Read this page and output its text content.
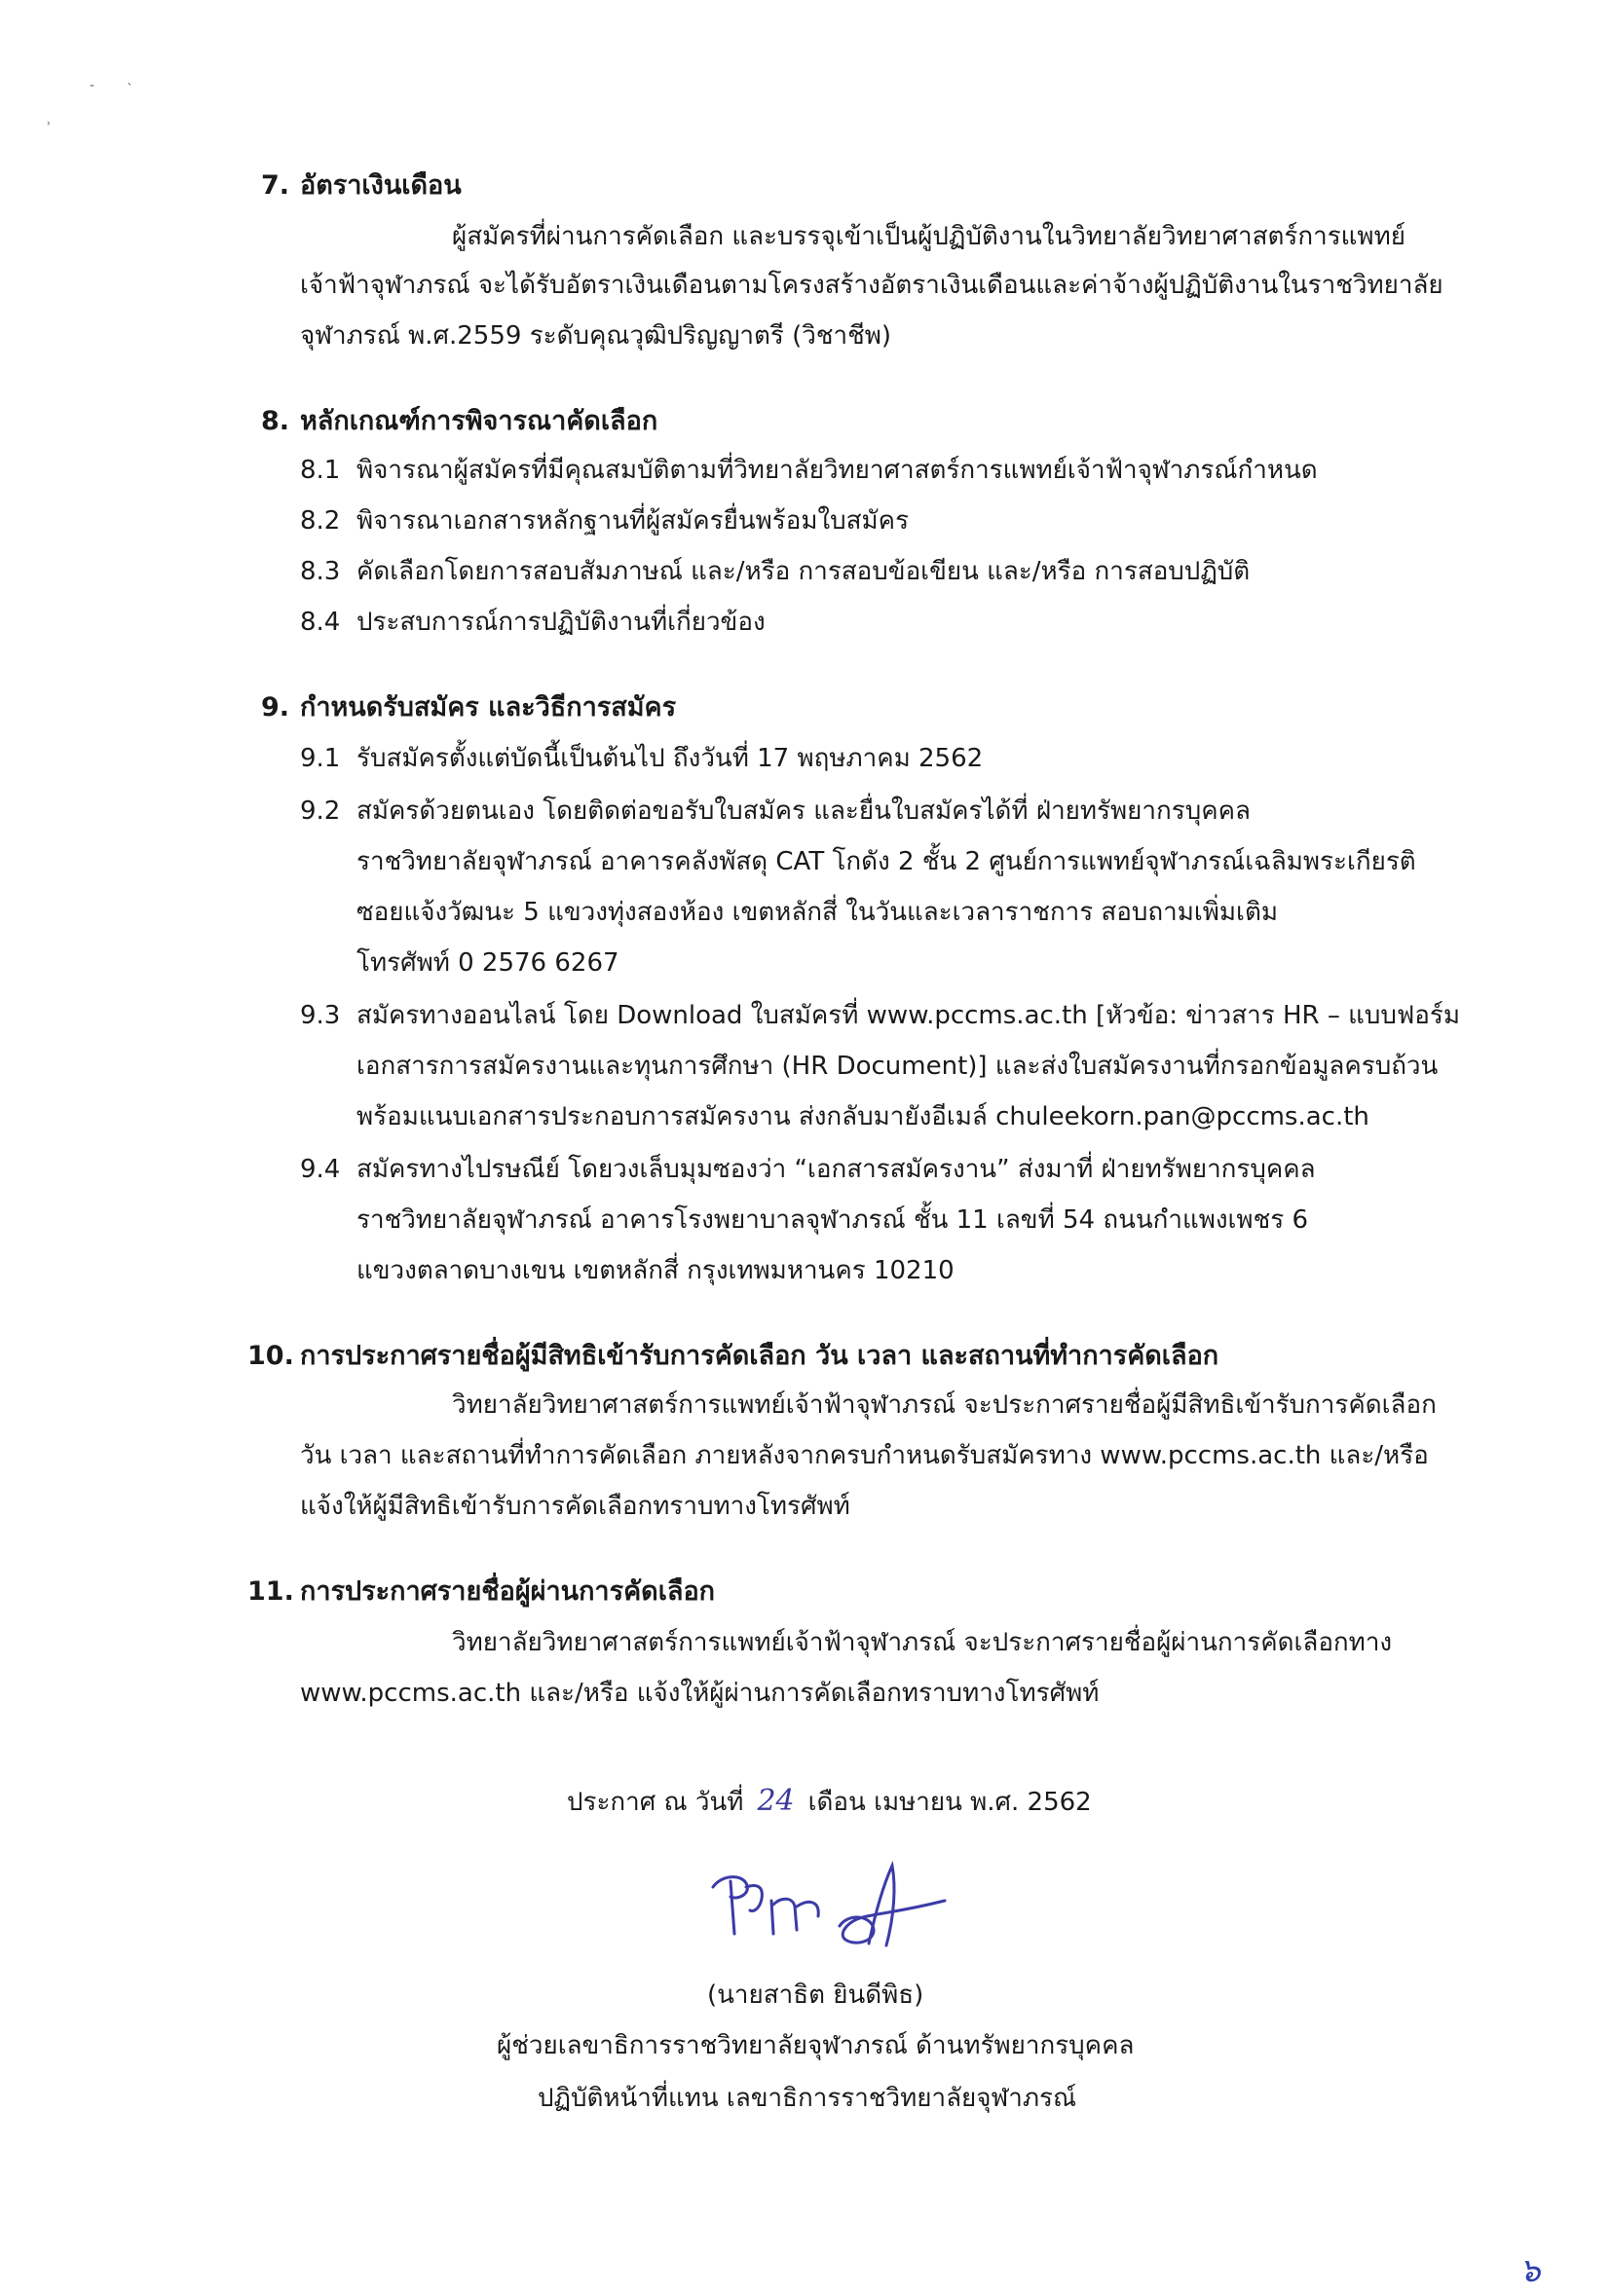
- ˎ
˒
7. อัตราเงินเดือน
ผู้สมัครที่ผ่านการคัดเลือก และบรรจุเข้าเป็นผู้ปฏิบัติงานในวิทยาลัยวิทยาศาสตร์การแพทย์
เจ้าฟ้าจุฬาภรณ์ จะได้รับอัตราเงินเดือนตามโครงสร้างอัตราเงินเดือนและค่าจ้างผู้ปฏิบัติงานในราชวิทยาลัย
จุฬาภรณ์ พ.ศ.2559 ระดับคุณวุฒิปริญญาตรี (วิชาชีพ)
8. หลักเกณฑ์การพิจารณาคัดเลือก
8.1 พิจารณาผู้สมัครที่มีคุณสมบัติตามที่วิทยาลัยวิทยาศาสตร์การแพทย์เจ้าฟ้าจุฬาภรณ์กำหนด
8.2 พิจารณาเอกสารหลักฐานที่ผู้สมัครยื่นพร้อมใบสมัคร
8.3 คัดเลือกโดยการสอบสัมภาษณ์ และ/หรือ การสอบข้อเขียน และ/หรือ การสอบปฏิบัติ
8.4 ประสบการณ์การปฏิบัติงานที่เกี่ยวข้อง
9. กำหนดรับสมัคร และวิธีการสมัคร
9.1 รับสมัครตั้งแต่บัดนี้เป็นต้นไป ถึงวันที่ 17 พฤษภาคม 2562
9.2 สมัครด้วยตนเอง โดยติดต่อขอรับใบสมัคร และยื่นใบสมัครได้ที่ ฝ่ายทรัพยากรบุคคล
ราชวิทยาลัยจุฬาภรณ์ อาคารคลังพัสดุ CAT โกดัง 2 ชั้น 2 ศูนย์การแพทย์จุฬาภรณ์เฉลิมพระเกียรติ
ซอยแจ้งวัฒนะ 5 แขวงทุ่งสองห้อง เขตหลักสี่ ในวันและเวลาราชการ สอบถามเพิ่มเติม
โทรศัพท์ 0 2576 6267
9.3 สมัครทางออนไลน์ โดย Download ใบสมัครที่ www.pccms.ac.th [หัวข้อ: ข่าวสาร HR – แบบฟอร์ม
เอกสารการสมัครงานและทุนการศึกษา (HR Document)] และส่งใบสมัครงานที่กรอกข้อมูลครบถ้วน
พร้อมแนบเอกสารประกอบการสมัครงาน ส่งกลับมายังอีเมล์ chuleekorn.pan@pccms.ac.th
9.4 สมัครทางไปรษณีย์ โดยวงเล็บมุมซองว่า “เอกสารสมัครงาน” ส่งมาที่ ฝ่ายทรัพยากรบุคคล
ราชวิทยาลัยจุฬาภรณ์ อาคารโรงพยาบาลจุฬาภรณ์ ชั้น 11 เลขที่ 54 ถนนกำแพงเพชร 6
แขวงตลาดบางเขน เขตหลักสี่ กรุงเทพมหานคร 10210
10. การประกาศรายชื่อผู้มีสิทธิเข้ารับการคัดเลือก วัน เวลา และสถานที่ทำการคัดเลือก
วิทยาลัยวิทยาศาสตร์การแพทย์เจ้าฟ้าจุฬาภรณ์ จะประกาศรายชื่อผู้มีสิทธิเข้ารับการคัดเลือก
วัน เวลา และสถานที่ทำการคัดเลือก ภายหลังจากครบกำหนดรับสมัครทาง www.pccms.ac.th และ/หรือ
แจ้งให้ผู้มีสิทธิเข้ารับการคัดเลือกทราบทางโทรศัพท์
11. การประกาศรายชื่อผู้ผ่านการคัดเลือก
วิทยาลัยวิทยาศาสตร์การแพทย์เจ้าฟ้าจุฬาภรณ์ จะประกาศรายชื่อผู้ผ่านการคัดเลือกทาง
www.pccms.ac.th และ/หรือ แจ้งให้ผู้ผ่านการคัดเลือกทราบทางโทรศัพท์
ประกาศ ณ วันที่ 24 เดือน เมษายน พ.ศ. 2562
(นายสาธิต ยินดีพิธ)
ผู้ช่วยเลขาธิการราชวิทยาลัยจุฬาภรณ์ ด้านทรัพยากรบุคคล
ปฏิบัติหน้าที่แทน เลขาธิการราชวิทยาลัยจุฬาภรณ์
๖
